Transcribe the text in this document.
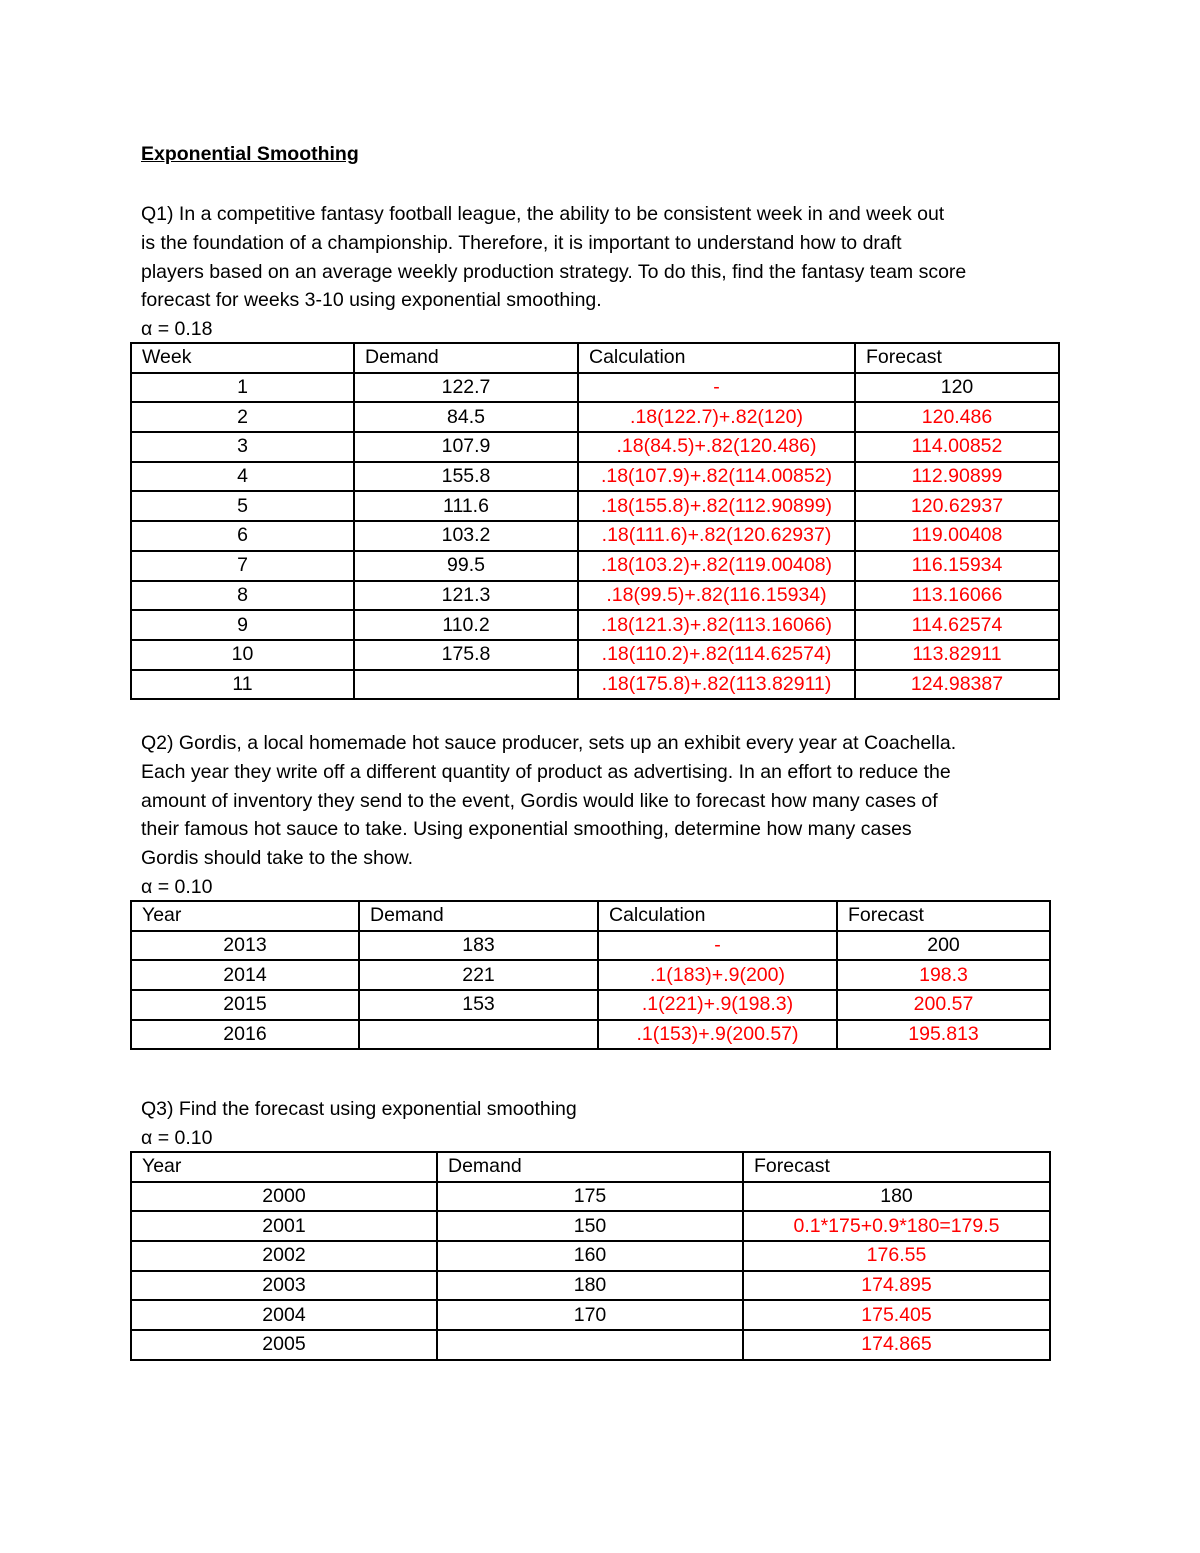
Exponential Smoothing
Q1) In a competitive fantasy football league, the ability to be consistent week in and week out
is the foundation of a championship. Therefore, it is important to understand how to draft
players based on an average weekly production strategy. To do this, find the fantasy team score
forecast for weeks 3-10 using exponential smoothing.
α = 0.18
Week	Demand	Calculation	Forecast
1	122.7	-	120
2	84.5	.18(122.7)+.82(120)	120.486
3	107.9	.18(84.5)+.82(120.486)	114.00852
4	155.8	.18(107.9)+.82(114.00852)	112.90899
5	111.6	.18(155.8)+.82(112.90899)	120.62937
6	103.2	.18(111.6)+.82(120.62937)	119.00408
7	99.5	.18(103.2)+.82(119.00408)	116.15934
8	121.3	.18(99.5)+.82(116.15934)	113.16066
9	110.2	.18(121.3)+.82(113.16066)	114.62574
10	175.8	.18(110.2)+.82(114.62574)	113.82911
11		.18(175.8)+.82(113.82911)	124.98387
Q2) Gordis, a local homemade hot sauce producer, sets up an exhibit every year at Coachella.
Each year they write off a different quantity of product as advertising. In an effort to reduce the
amount of inventory they send to the event, Gordis would like to forecast how many cases of
their famous hot sauce to take. Using exponential smoothing, determine how many cases
Gordis should take to the show.
α = 0.10
Year	Demand	Calculation	Forecast
2013	183	-	200
2014	221	.1(183)+.9(200)	198.3
2015	153	.1(221)+.9(198.3)	200.57
2016		.1(153)+.9(200.57)	195.813
Q3) Find the forecast using exponential smoothing
α = 0.10
Year	Demand	Forecast
2000	175	180
2001	150	0.1*175+0.9*180=179.5
2002	160	176.55
2003	180	174.895
2004	170	175.405
2005		174.865
